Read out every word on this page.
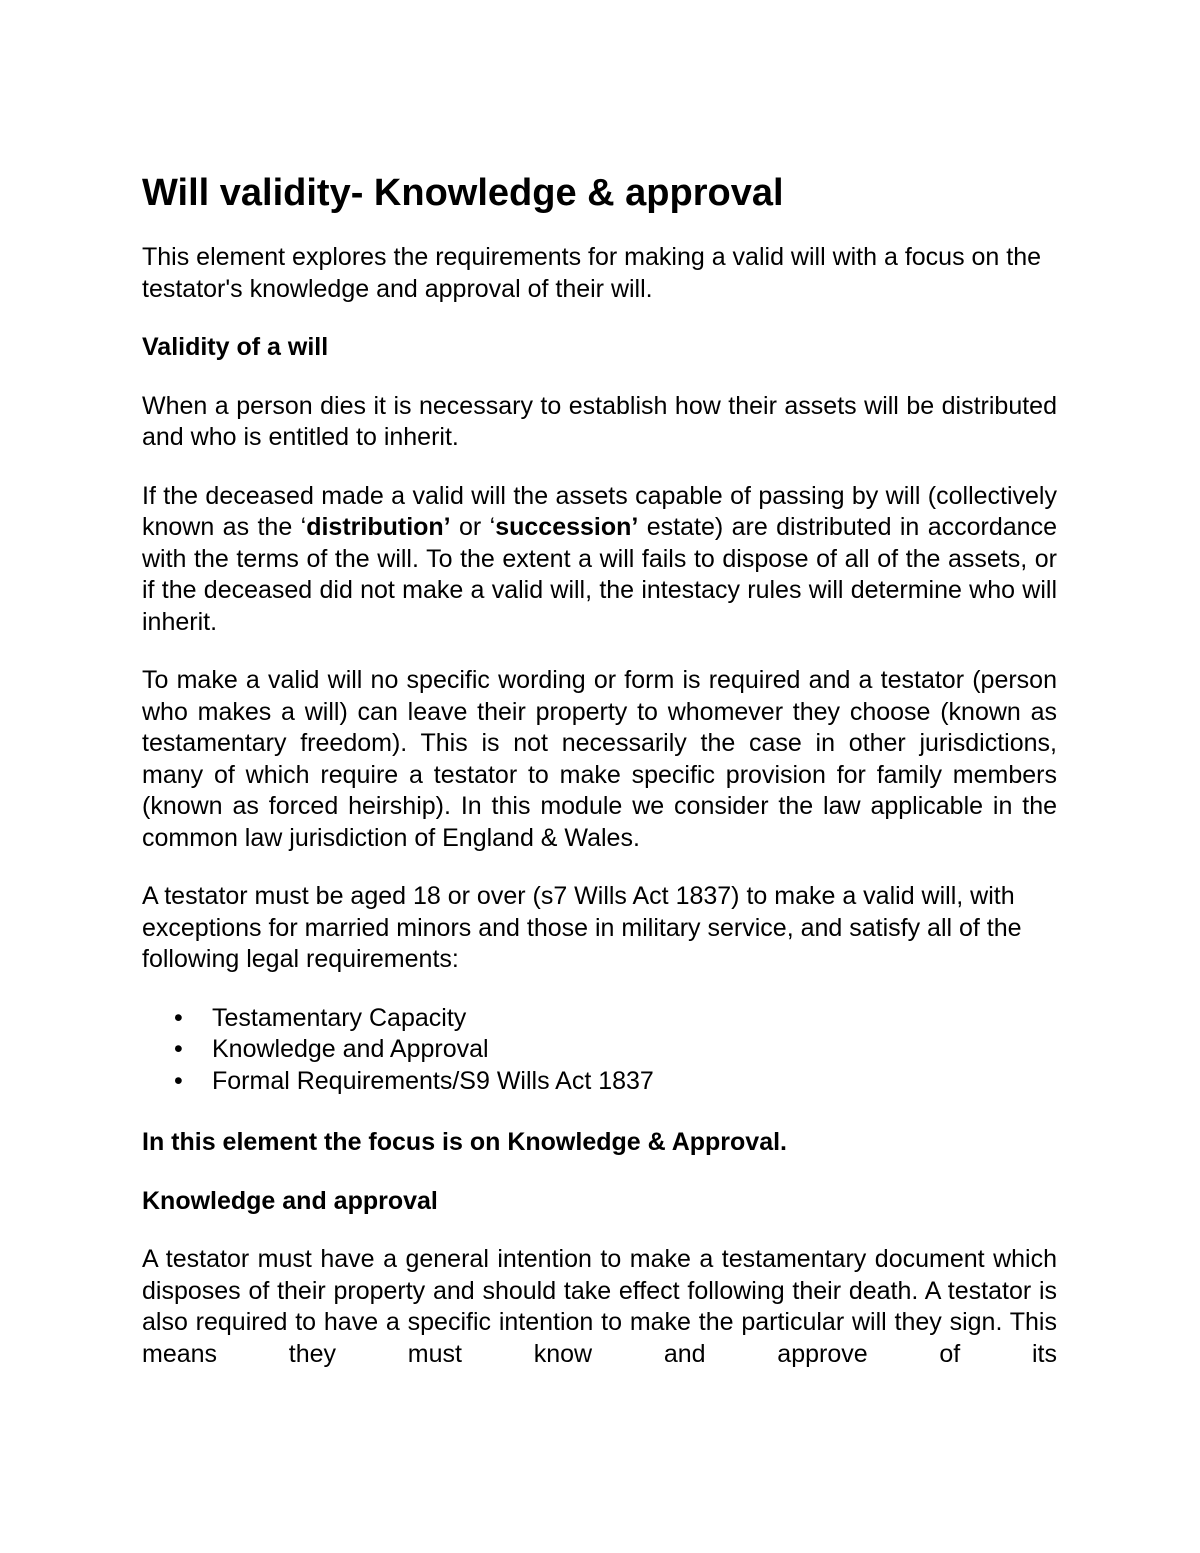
Will validity- Knowledge & approval

This element explores the requirements for making a valid will with a focus on the testator's knowledge and approval of their will.

Validity of a will

When a person dies it is necessary to establish how their assets will be distributed and who is entitled to inherit.

If the deceased made a valid will the assets capable of passing by will (collectively known as the ‘distribution’ or ‘succession’ estate) are distributed in accordance with the terms of the will. To the extent a will fails to dispose of all of the assets, or if the deceased did not make a valid will, the intestacy rules will determine who will inherit.

To make a valid will no specific wording or form is required and a testator (person who makes a will) can leave their property to whomever they choose (known as testamentary freedom). This is not necessarily the case in other jurisdictions, many of which require a testator to make specific provision for family members (known as forced heirship). In this module we consider the law applicable in the common law jurisdiction of England & Wales.

A testator must be aged 18 or over (s7 Wills Act 1837) to make a valid will, with exceptions for married minors and those in military service, and satisfy all of the following legal requirements:

• Testamentary Capacity
• Knowledge and Approval
• Formal Requirements/S9 Wills Act 1837

In this element the focus is on Knowledge & Approval.

Knowledge and approval

A testator must have a general intention to make a testamentary document which disposes of their property and should take effect following their death. A testator is also required to have a specific intention to make the particular will they sign. This means they must know and approve of its
